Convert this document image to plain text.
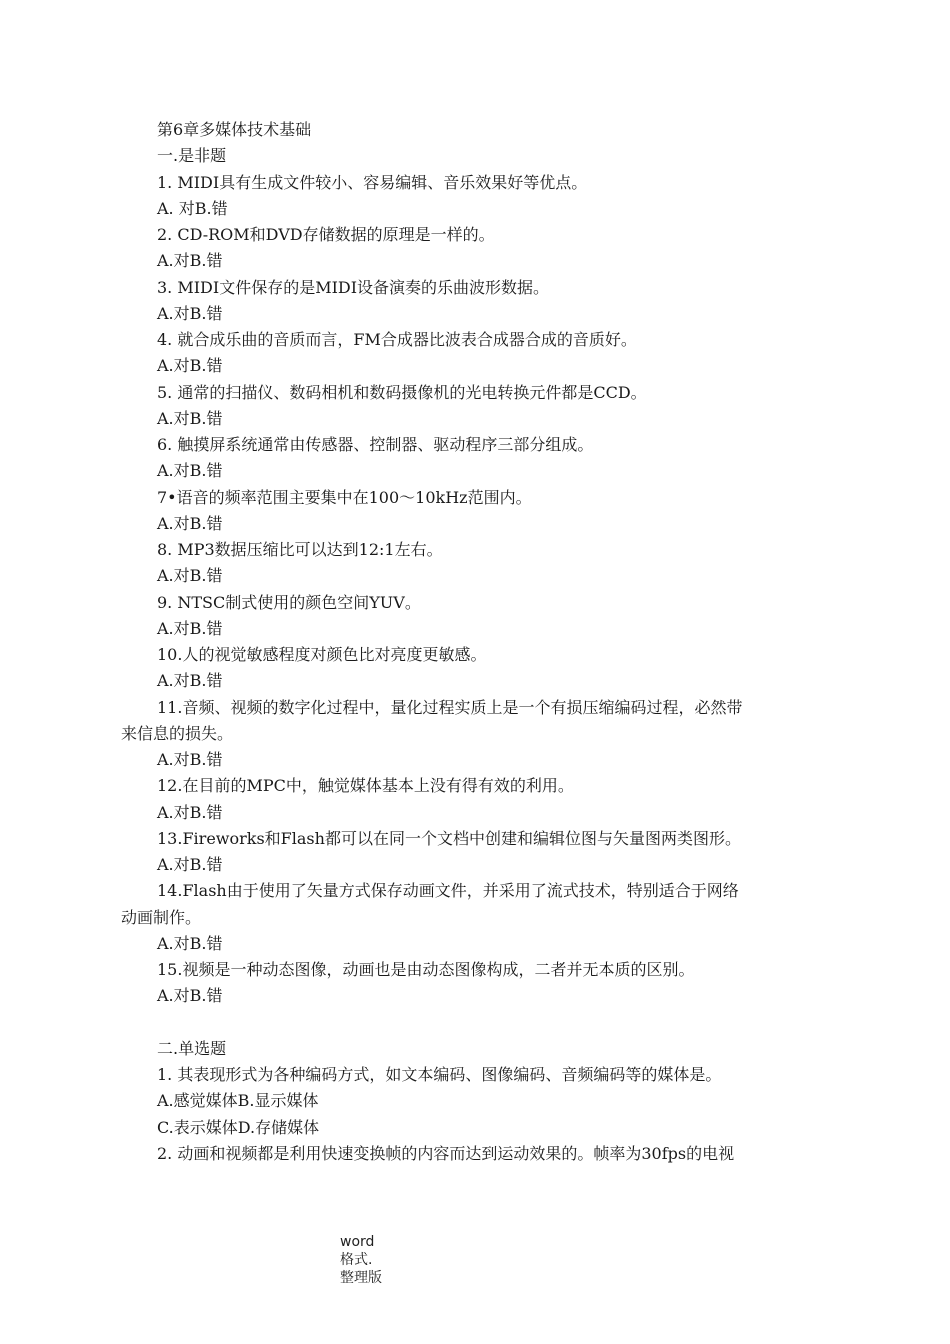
第6章多媒体技术基础
一.是非题
1. MIDI具有生成文件较小、容易编辑、音乐效果好等优点。
A. 对B.错
2. CD-ROM和DVD存储数据的原理是一样的。
A.对B.错
3. MIDI文件保存的是MIDI设备演奏的乐曲波形数据。
A.对B.错
4. 就合成乐曲的音质而言，FM合成器比波表合成器合成的音质好。
A.对B.错
5. 通常的扫描仪、数码相机和数码摄像机的光电转换元件都是CCD。
A.对B.错
6. 触摸屏系统通常由传感器、控制器、驱动程序三部分组成。
A.对B.错
7•语音的频率范围主要集中在100〜10kHz范围内。
A.对B.错
8. MP3数据压缩比可以达到12:1左右。
A.对B.错
9. NTSC制式使用的颜色空间YUV。
A.对B.错
10.人的视觉敏感程度对颜色比对亮度更敏感。
A.对B.错
11.音频、视频的数字化过程中，量化过程实质上是一个有损压缩编码过程，必然带
来信息的损失。
A.对B.错
12.在目前的MPC中，触觉媒体基本上没有得有效的利用。
A.对B.错
13.Fireworks和Flash都可以在同一个文档中创建和编辑位图与矢量图两类图形。
A.对B.错
14.Flash由于使用了矢量方式保存动画文件，并采用了流式技术，特别适合于网络
动画制作。
A.对B.错
15.视频是一种动态图像，动画也是由动态图像构成，二者并无本质的区别。
A.对B.错
二.单选题
1. 其表现形式为各种编码方式，如文本编码、图像编码、音频编码等的媒体是。
A.感觉媒体B.显示媒体
C.表示媒体D.存储媒体
2. 动画和视频都是利用快速变换帧的内容而达到运动效果的。帧率为30fps的电视
word
格式.
整理版
